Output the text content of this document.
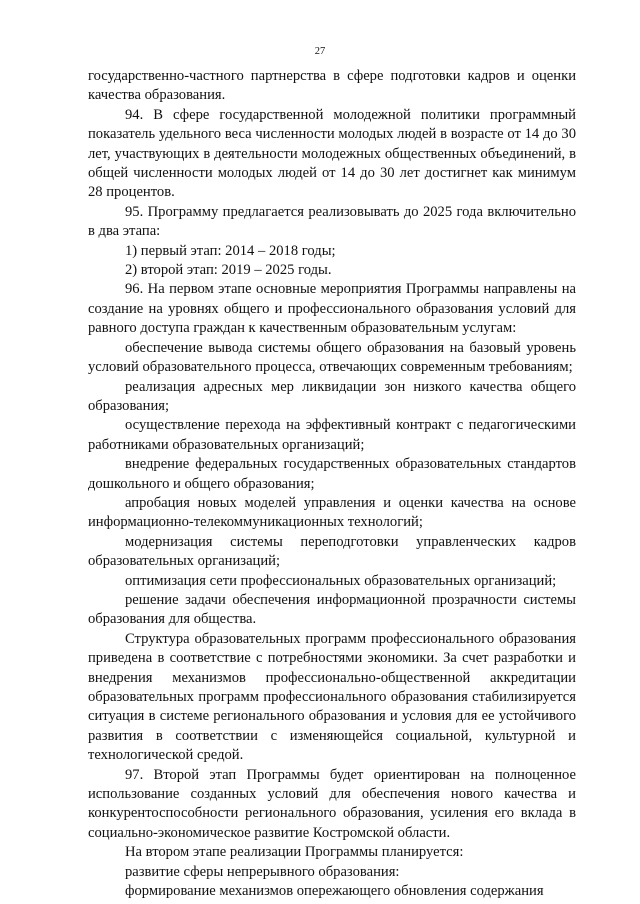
27

государственно-частного партнерства в сфере подготовки кадров и оценки качества образования.

94. В сфере государственной молодежной политики программный показатель удельного веса численности молодых людей в возрасте от 14 до 30 лет, участвующих в деятельности молодежных общественных объединений, в общей численности молодых людей от 14 до 30 лет достигнет как минимум 28 процентов.

95. Программу предлагается реализовывать до 2025 года включительно в два этапа:

1) первый этап: 2014 – 2018 годы;

2) второй этап: 2019 – 2025 годы.

96. На первом этапе основные мероприятия Программы направлены на создание на уровнях общего и профессионального образования условий для равного доступа граждан к качественным образовательным услугам:

обеспечение вывода системы общего образования на базовый уровень условий образовательного процесса, отвечающих современным требованиям;

реализация адресных мер ликвидации зон низкого качества общего образования;

осуществление перехода на эффективный контракт с педагогическими работниками образовательных организаций;

внедрение федеральных государственных образовательных стандартов дошкольного и общего образования;

апробация новых моделей управления и оценки качества на основе информационно-телекоммуникационных технологий;

модернизация системы переподготовки управленческих кадров образовательных организаций;

оптимизация сети профессиональных образовательных организаций;

решение задачи обеспечения информационной прозрачности системы образования для общества.

Структура образовательных программ профессионального образования приведена в соответствие с потребностями экономики. За счет разработки и внедрения механизмов профессионально-общественной аккредитации образовательных программ профессионального образования стабилизируется ситуация в системе регионального образования и условия для ее устойчивого развития в соответствии с изменяющейся социальной, культурной и технологической средой.

97. Второй этап Программы будет ориентирован на полноценное использование созданных условий для обеспечения нового качества и конкурентоспособности регионального образования, усиления его вклада в социально-экономическое развитие Костромской области.

На втором этапе реализации Программы планируется:

развитие сферы непрерывного образования:

формирование механизмов опережающего обновления содержания
